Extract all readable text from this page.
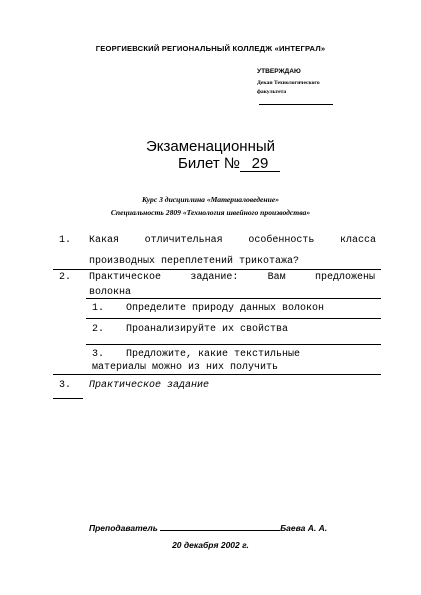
ГЕОРГИЕВСКИЙ РЕГИОНАЛЬНЫЙ КОЛЛЕДЖ «ИНТЕГРАЛ»
УТВЕРЖДАЮ
Декан Технологического
факультета
Экзаменационный
Билет № 29
Курс 3 дисциплина «Материаловедение»
Специальность 2809 «Технология швейного производства»
1. Какая отличительная особенность класса
производных переплетений трикотажа?
2. Практическое задание: Вам предложены
волокна
1. Определите природу данных волокон
2. Проанализируйте их свойства
3. Предложите, какие текстильные
материалы можно из них получить
3. Практическое задание
Преподаватель	Баева А. А.
20 декабря 2002 г.
